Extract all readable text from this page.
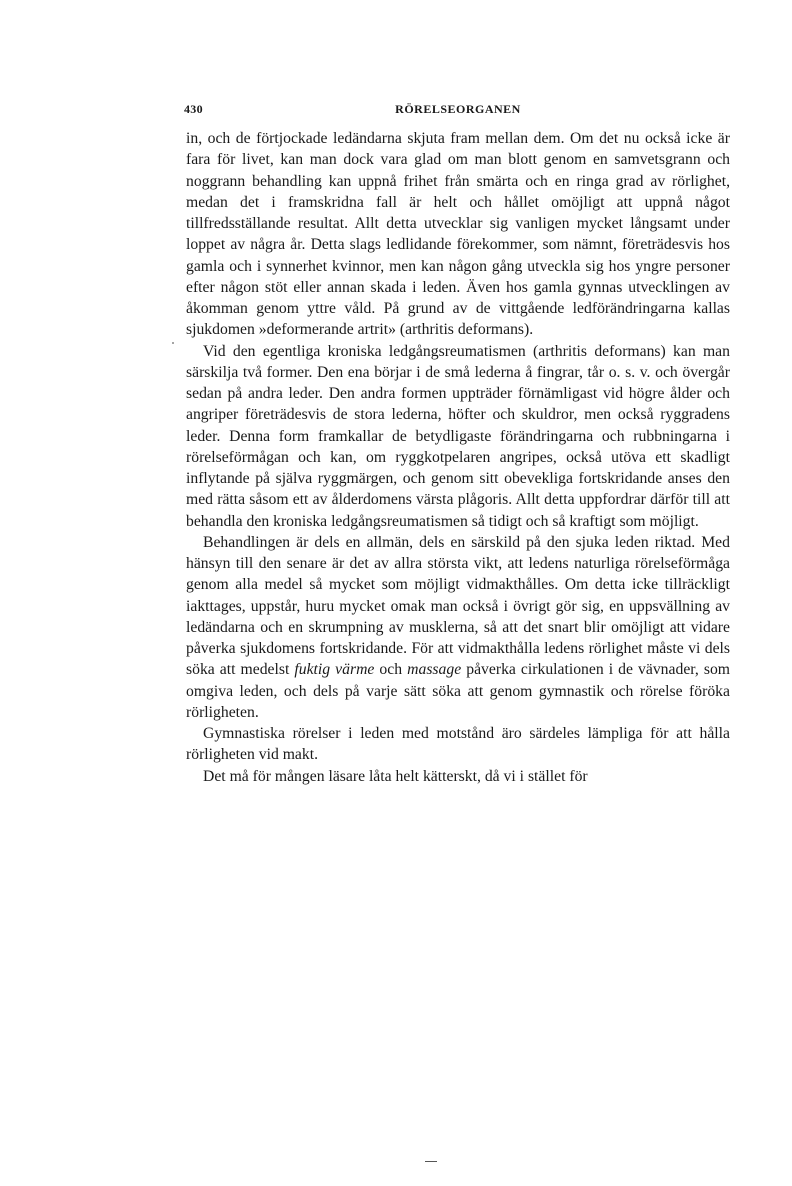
430	RÖRELSEORGANEN

in, och de förtjockade ledändarna skjuta fram mellan dem. Om det nu också icke är fara för livet, kan man dock vara glad om man blott genom en samvetsgrann och noggrann behandling kan uppnå frihet från smärta och en ringa grad av rörlighet, medan det i framskridna fall är helt och hållet omöjligt att uppnå något tillfredsställande resultat. Allt detta utvecklar sig vanligen mycket långsamt under loppet av några år. Detta slags ledlidande förekommer, som nämnt, företrädesvis hos gamla och i synnerhet kvinnor, men kan någon gång utveckla sig hos yngre personer efter någon stöt eller annan skada i leden. Även hos gamla gynnas utvecklingen av åkomman genom yttre våld. På grund av de vittgående ledförändringarna kallas sjukdomen »deformerande artrit» (arthritis deformans).

Vid den egentliga kroniska ledgångsreumatismen (arthritis deformans) kan man särskilja två former. Den ena börjar i de små lederna å fingrar, tår o. s. v. och övergår sedan på andra leder. Den andra formen uppträder förnämligast vid högre ålder och angriper företrädesvis de stora lederna, höfter och skuldror, men också ryggradens leder. Denna form framkallar de betydligaste förändringarna och rubbningarna i rörelseförmågan och kan, om ryggkotpelaren angripes, också utöva ett skadligt inflytande på själva ryggmärgen, och genom sitt obevekliga fortskridande anses den med rätta såsom ett av ålderdomens värsta plågoris. Allt detta uppfordrar därför till att behandla den kroniska ledgångsreumatismen så tidigt och så kraftigt som möjligt.

Behandlingen är dels en allmän, dels en särskild på den sjuka leden riktad. Med hänsyn till den senare är det av allra största vikt, att ledens naturliga rörelseförmåga genom alla medel så mycket som möjligt vidmakthålles. Om detta icke tillräckligt iakttages, uppstår, huru mycket omak man också i övrigt gör sig, en uppsvällning av ledändarna och en skrumpning av musklerna, så att det snart blir omöjligt att vidare påverka sjukdomens fortskridande. För att vidmakthålla ledens rörlighet måste vi dels söka att medelst fuktig värme och massage påverka cirkulationen i de vävnader, som omgiva leden, och dels på varje sätt söka att genom gymnastik och rörelse föröka rörligheten.

Gymnastiska rörelser i leden med motstånd äro särdeles lämpliga för att hålla rörligheten vid makt.

Det må för mången läsare låta helt kätterskt, då vi i stället för
